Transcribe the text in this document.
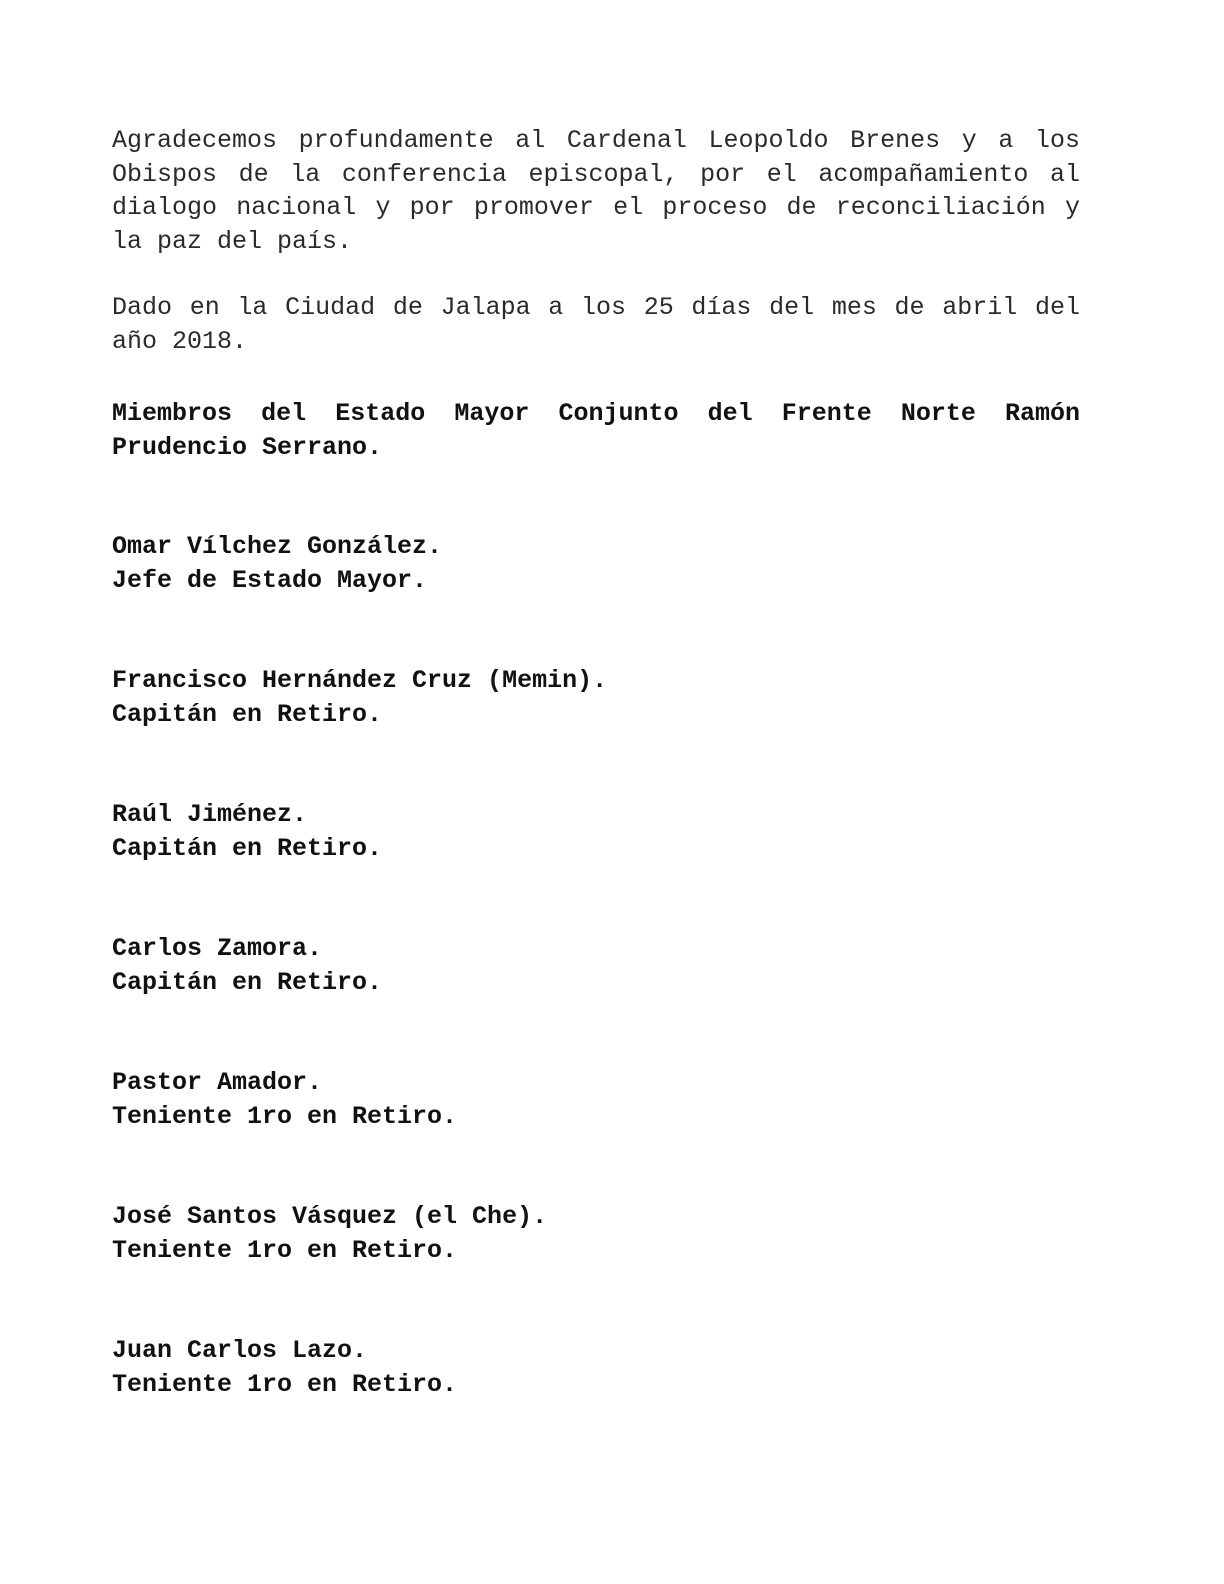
Agradecemos profundamente al Cardenal Leopoldo Brenes y a los Obispos de la conferencia episcopal, por el acompañamiento al dialogo nacional y por promover el proceso de reconciliación y la paz del país.

Dado en la Ciudad de Jalapa a los 25 días del mes de abril del año 2018.

Miembros del Estado Mayor Conjunto del Frente Norte Ramón Prudencio Serrano.

Omar Vílchez González.
Jefe de Estado Mayor.
Francisco Hernández Cruz (Memin).
Capitán en Retiro.
Raúl Jiménez.
Capitán en Retiro.
Carlos Zamora.
Capitán en Retiro.
Pastor Amador.
Teniente 1ro en Retiro.
José Santos Vásquez (el Che).
Teniente 1ro en Retiro.
Juan Carlos Lazo.
Teniente 1ro en Retiro.
